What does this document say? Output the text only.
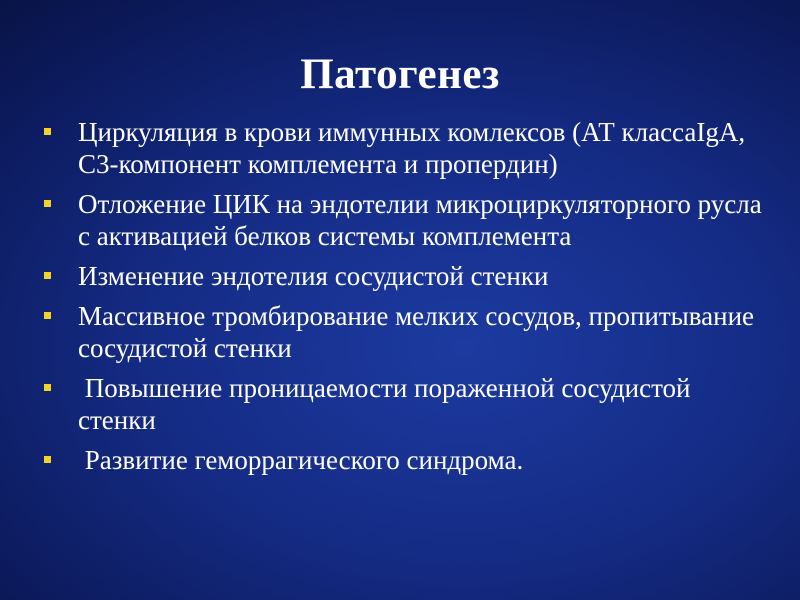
Патогенез
Циркуляция в крови иммунных комлексов (АТ классаIgA, C3-компонент комплемента и пропердин)
Отложение ЦИК на эндотелии микроциркуляторного русла с активацией белков системы комплемента
Изменение эндотелия сосудистой стенки
Массивное тромбирование мелких сосудов, пропитывание сосудистой стенки
Повышение проницаемости пораженной сосудистой стенки
Развитие геморрагического синдрома.
